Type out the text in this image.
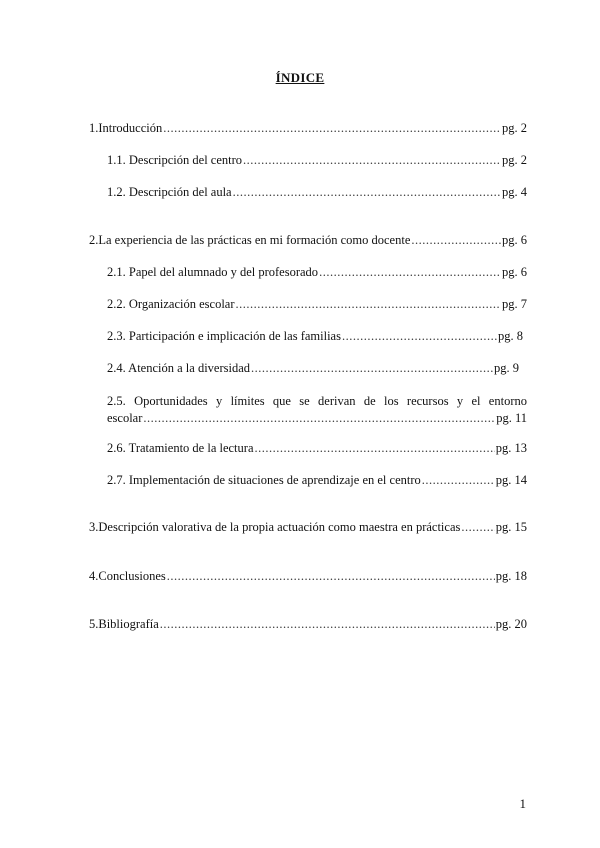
ÍNDICE
1. Introducción .....	pg. 2
1.1. Descripción del centro .....	pg. 2
1.2. Descripción del aula .....	pg. 4
2. La experiencia de las prácticas en mi formación como docente .....	pg. 6
2.1. Papel del alumnado y del profesorado .....	pg. 6
2.2. Organización escolar .....	pg. 7
2.3. Participación e implicación de las familias .....	pg. 8
2.4. Atención a la diversidad .....	pg. 9
2.5. Oportunidades y límites que se derivan de los recursos y el entorno
escolar .....	pg. 11
2.6. Tratamiento de la lectura .....	pg. 13
2.7. Implementación de situaciones de aprendizaje en el centro .....	pg. 14
3. Descripción valorativa de la propia actuación como maestra en prácticas .....	pg. 15
4. Conclusiones .....	pg. 18
5. Bibliografía .....	pg. 20
1
